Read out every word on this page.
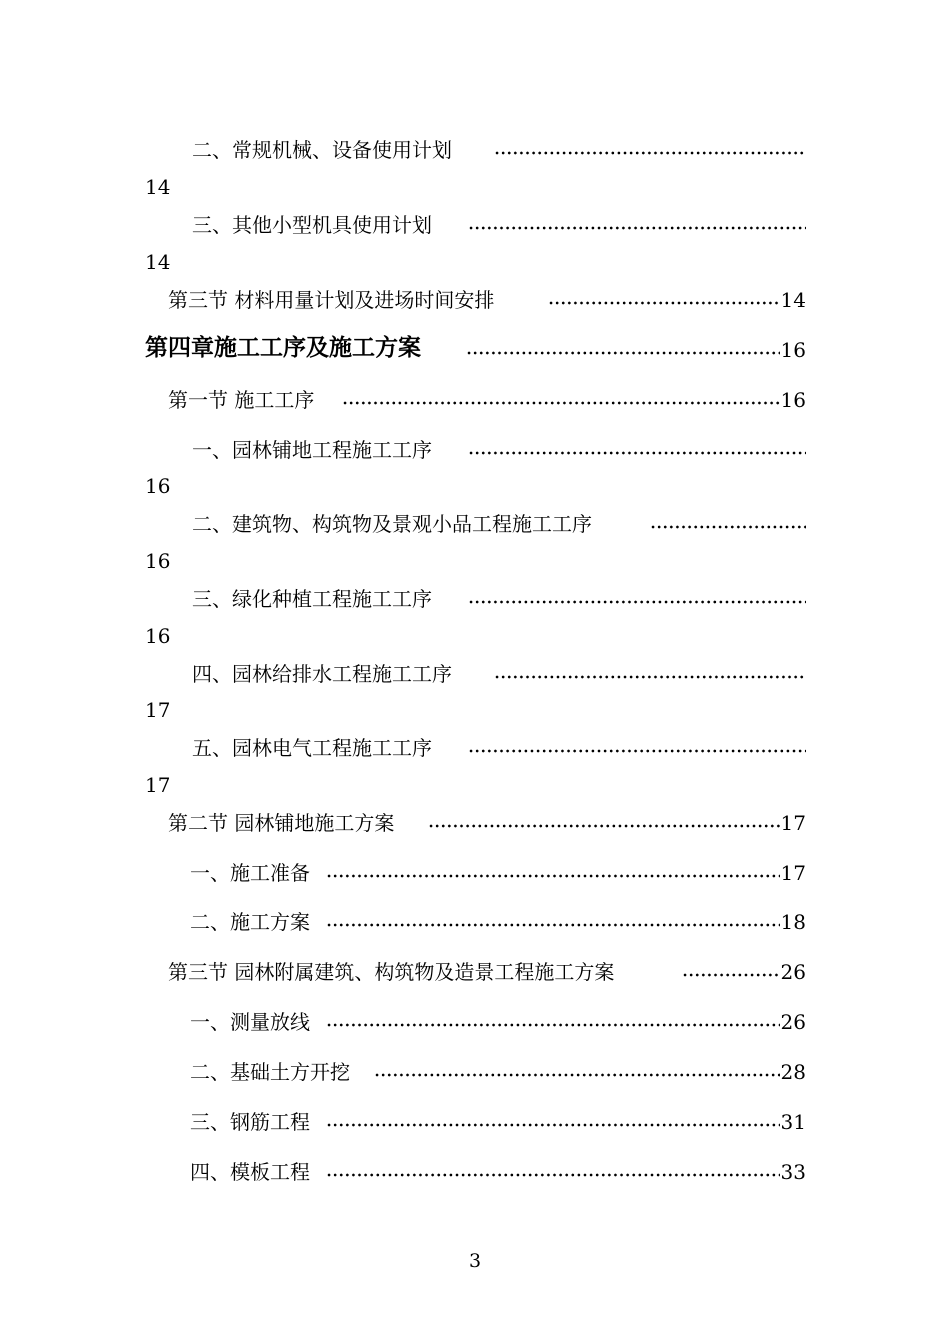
二、常规机械、设备使用计划
14
三、其他小型机具使用计划
14
第三节 材料用量计划及进场时间安排	14
第四章施工工序及施工方案	16
第一节 施工工序	16
一、园林铺地工程施工工序
16
二、建筑物、构筑物及景观小品工程施工工序
16
三、绿化种植工程施工工序
16
四、园林给排水工程施工工序
17
五、园林电气工程施工工序
17
第二节 园林铺地施工方案	17
一、施工准备	17
二、施工方案	18
第三节 园林附属建筑、构筑物及造景工程施工方案	26
一、测量放线	26
二、基础土方开挖	28
三、钢筋工程	31
四、模板工程	33
3
